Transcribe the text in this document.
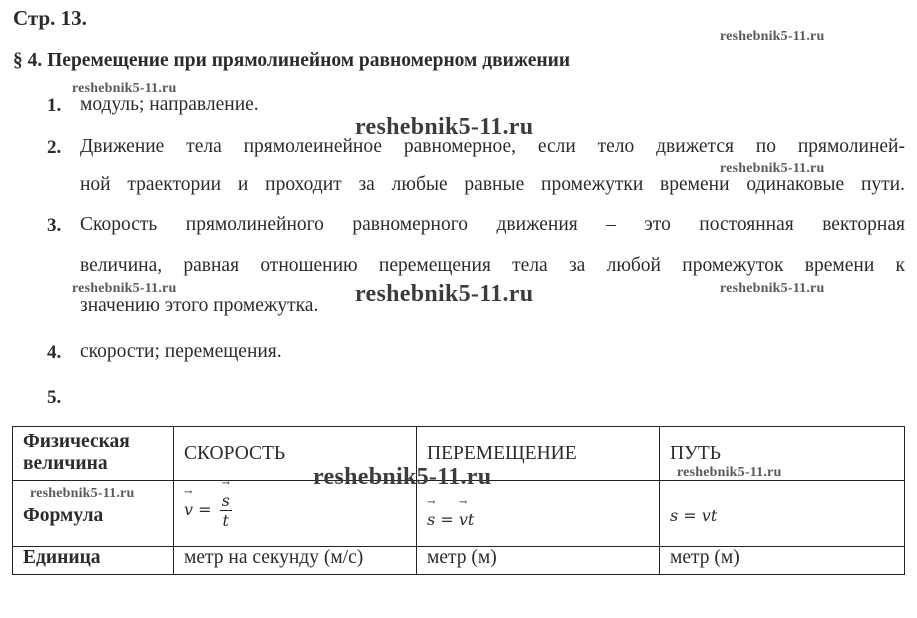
Стр. 13.
reshebnik5-11.ru
§ 4. Перемещение при прямолинейном равномерном движении
reshebnik5-11.ru
1. модуль; направление.
reshebnik5-11.ru
2. Движение тела прямолеинейное равномерное, если тело движется по прямолиней-
reshebnik5-11.ru
ной траектории и проходит за любые равные промежутки времени одинаковые пути.
3. Скорость прямолинейного равномерного движения – это постоянная векторная
величина, равная отношению перемещения тела за любой промежуток времени к
reshebnik5-11.ru	reshebnik5-11.ru
значению этого промежутка. reshebnik5-11.ru
4. скорости; перемещения.
5.
Физическая величина	СКОРОСТЬ	ПЕРЕМЕЩЕНИЕ	ПУТЬ
Формула	→ v = → $\frac{s}{t}$	→ s = → vt	s = vt
Единица	метр на секунду (м/с)	метр (м)	метр (м)
reshebnik5-11.ru	reshebnik5-11.ru
reshebnik5-11.ru
